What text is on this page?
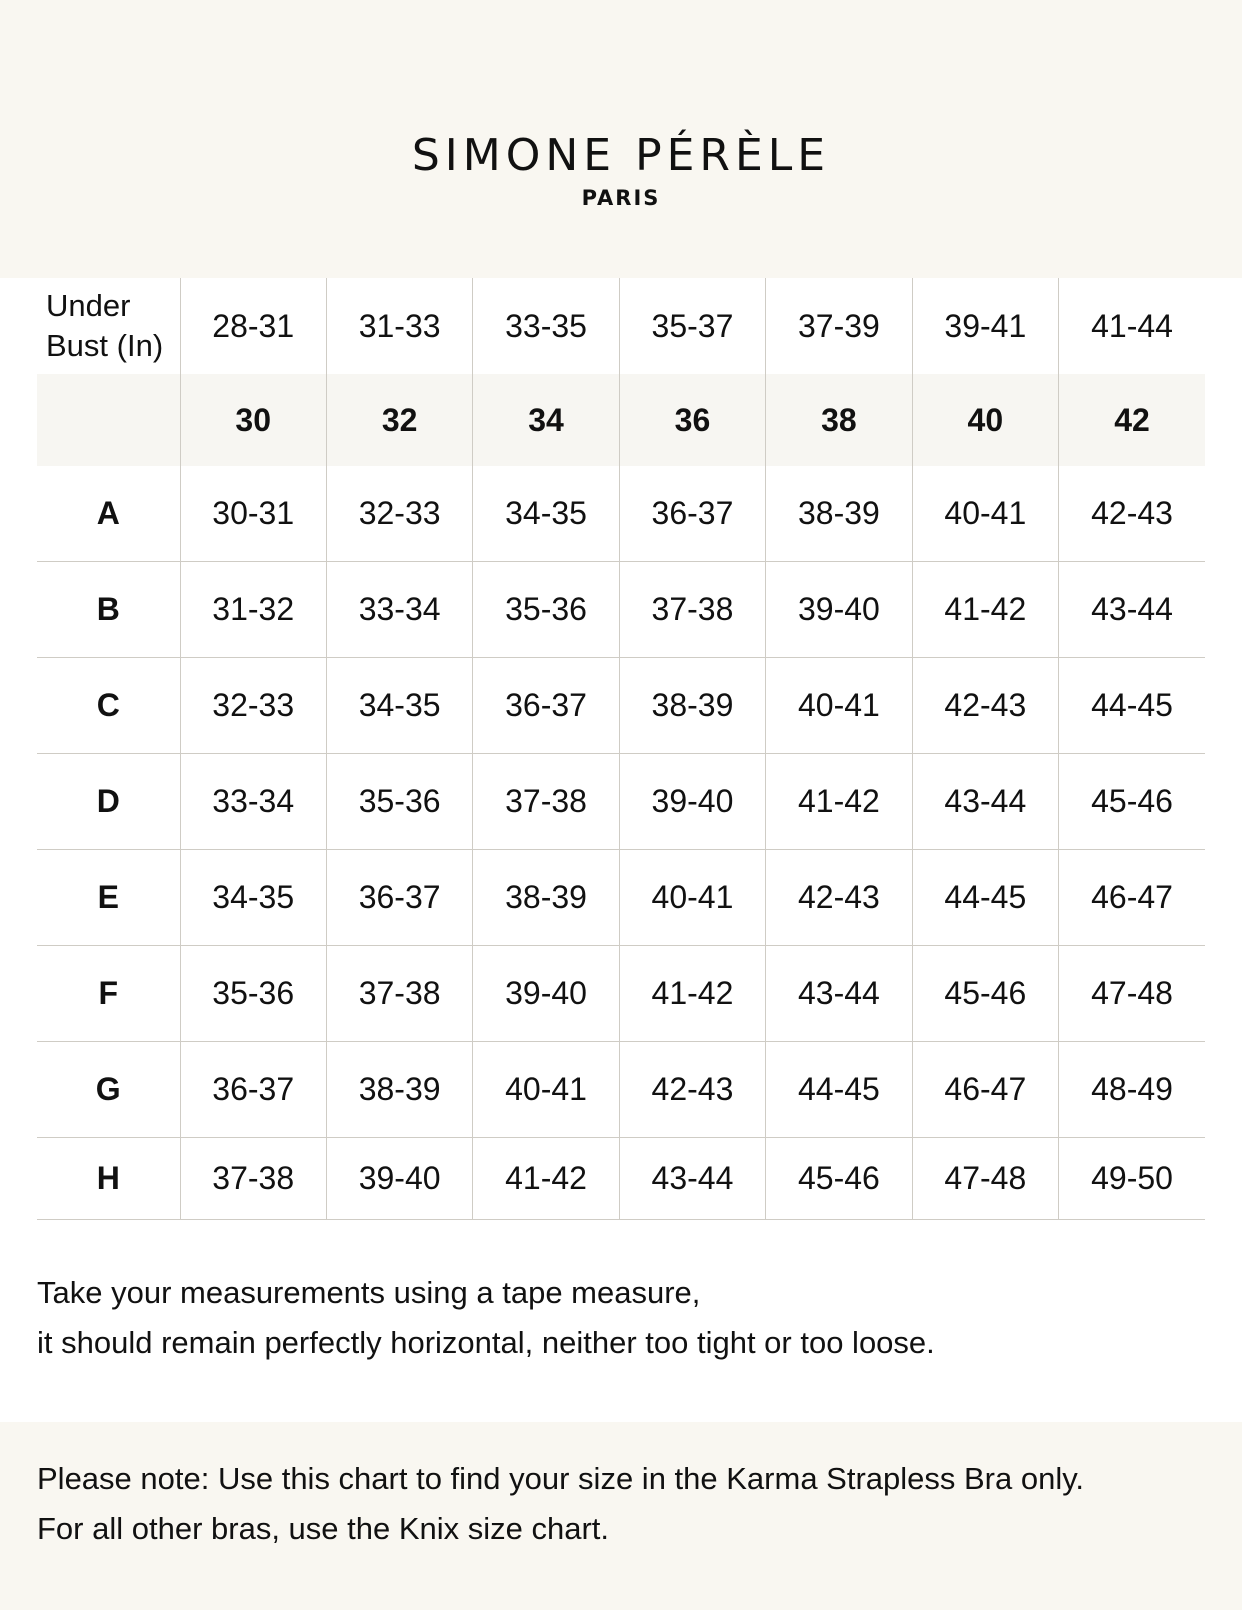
SIMONE PÉRÈLE
PARIS
Under Bust (In)	28-31	31-33	33-35	35-37	37-39	39-41	41-44
	30	32	34	36	38	40	42
A	30-31	32-33	34-35	36-37	38-39	40-41	42-43
B	31-32	33-34	35-36	37-38	39-40	41-42	43-44
C	32-33	34-35	36-37	38-39	40-41	42-43	44-45
D	33-34	35-36	37-38	39-40	41-42	43-44	45-46
E	34-35	36-37	38-39	40-41	42-43	44-45	46-47
F	35-36	37-38	39-40	41-42	43-44	45-46	47-48
G	36-37	38-39	40-41	42-43	44-45	46-47	48-49
H	37-38	39-40	41-42	43-44	45-46	47-48	49-50
Take your measurements using a tape measure,
it should remain perfectly horizontal, neither too tight or too loose.
Please note: Use this chart to find your size in the Karma Strapless Bra only.
For all other bras, use the Knix size chart.
